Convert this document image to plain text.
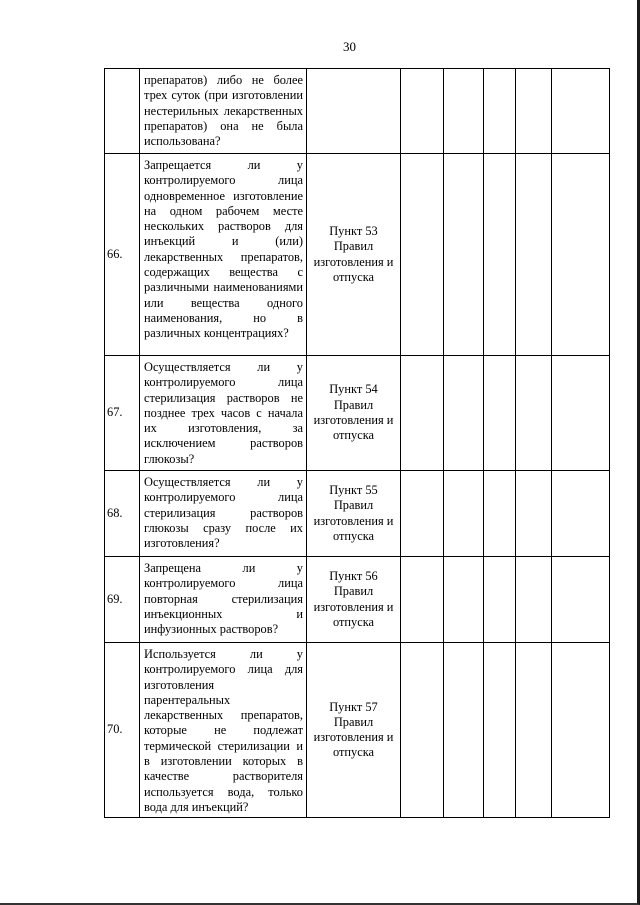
30

	препаратов) либо не более трех суток (при изготовлении нестерильных лекарственных препаратов) она не была использована?						

66.	Запрещается ли у контролируемого лица одновременное изготовление на одном рабочем месте нескольких растворов для инъекций и (или) лекарственных препаратов, содержащих вещества с различными наименованиями или вещества одного наименования, но в различных концентрациях?	Пункт 53 Правил изготовления и отпуска					
67.	Осуществляется ли у контролируемого лица стерилизация растворов не позднее трех часов с начала их изготовления, за исключением растворов глюкозы?	Пункт 54 Правил изготовления и отпуска					
68.	Осуществляется ли у контролируемого лица стерилизация растворов глюкозы сразу после их изготовления?	Пункт 55 Правил изготовления и отпуска					
69.	Запрещена ли у контролируемого лица повторная стерилизация инъекционных и инфузионных растворов?	Пункт 56 Правил изготовления и отпуска					
70.	Используется ли у контролируемого лица для изготовления парентеральных лекарственных препаратов, которые не подлежат термической стерилизации и в изготовлении которых в качестве растворителя используется вода, только вода для инъекций?	Пункт 57 Правил изготовления и отпуска					
